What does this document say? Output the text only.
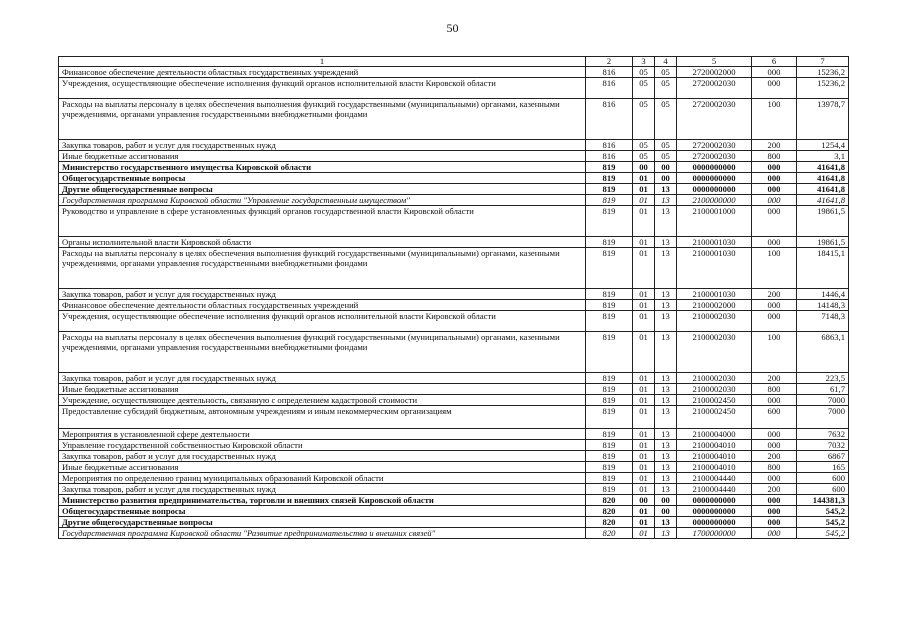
50
1	2	3	4	5	6	7
Финансовое обеспечение деятельности областных государственных учреждений	816	05	05	2720002000	000	15236,2
Учреждения, осуществляющие обеспечение исполнения функций органов исполнительной власти Кировской области	816	05	05	2720002030	000	15236,2
Расходы на выплаты персоналу в целях обеспечения выполнения функций государственными (муниципальными) органами, казенными учреждениями, органами управления государственными внебюджетными фондами	816	05	05	2720002030	100	13978,7
Закупка товаров, работ и услуг для государственных нужд	816	05	05	2720002030	200	1254,4
Иные бюджетные ассигнования	816	05	05	2720002030	800	3,1
Министерство государственного имущества Кировской области	819	00	00	0000000000	000	41641,8
Общегосударственные вопросы	819	01	00	0000000000	000	41641,8
Другие общегосударственные вопросы	819	01	13	0000000000	000	41641,8
Государственная программа Кировской области "Управление государственным имуществом"	819	01	13	2100000000	000	41641,8
Руководство и управление в сфере установленных функций органов государственной власти Кировской области	819	01	13	2100001000	000	19861,5
Органы исполнительной власти Кировской области	819	01	13	2100001030	000	19861,5
Расходы на выплаты персоналу в целях обеспечения выполнения функций государственными (муниципальными) органами, казенными учреждениями, органами управления государственными внебюджетными фондами	819	01	13	2100001030	100	18415,1
Закупка товаров, работ и услуг для государственных нужд	819	01	13	2100001030	200	1446,4
Финансовое обеспечение деятельности областных государственных учреждений	819	01	13	2100002000	000	14148,3
Учреждения, осуществляющие обеспечение исполнения функций органов исполнительной власти Кировской области	819	01	13	2100002030	000	7148,3
Расходы на выплаты персоналу в целях обеспечения выполнения функций государственными (муниципальными) органами, казенными учреждениями, органами управления государственными внебюджетными фондами	819	01	13	2100002030	100	6863,1
Закупка товаров, работ и услуг для государственных нужд	819	01	13	2100002030	200	223,5
Иные бюджетные ассигнования	819	01	13	2100002030	800	61,7
Учреждение, осуществляющее деятельность, связанную с определением кадастровой стоимости	819	01	13	2100002450	000	7000
Предоставление субсидий бюджетным, автономным учреждениям и иным некоммерческим организациям	819	01	13	2100002450	600	7000
Мероприятия в установленной сфере деятельности	819	01	13	2100004000	000	7632
Управление государственной собственностью Кировской области	819	01	13	2100004010	000	7032
Закупка товаров, работ и услуг для государственных нужд	819	01	13	2100004010	200	6867
Иные бюджетные ассигнования	819	01	13	2100004010	800	165
Мероприятия по определению границ муниципальных образований Кировской области	819	01	13	2100004440	000	600
Закупка товаров, работ и услуг для государственных нужд	819	01	13	2100004440	200	600
Министерство развития предпринимательства, торговли и внешних связей Кировской области	820	00	00	0000000000	000	144381,3
Общегосударственные вопросы	820	01	00	0000000000	000	545,2
Другие общегосударственные вопросы	820	01	13	0000000000	000	545,2
Государственная программа Кировской области "Развитие предпринимательства и внешних связей"	820	01	13	1700000000	000	545,2
